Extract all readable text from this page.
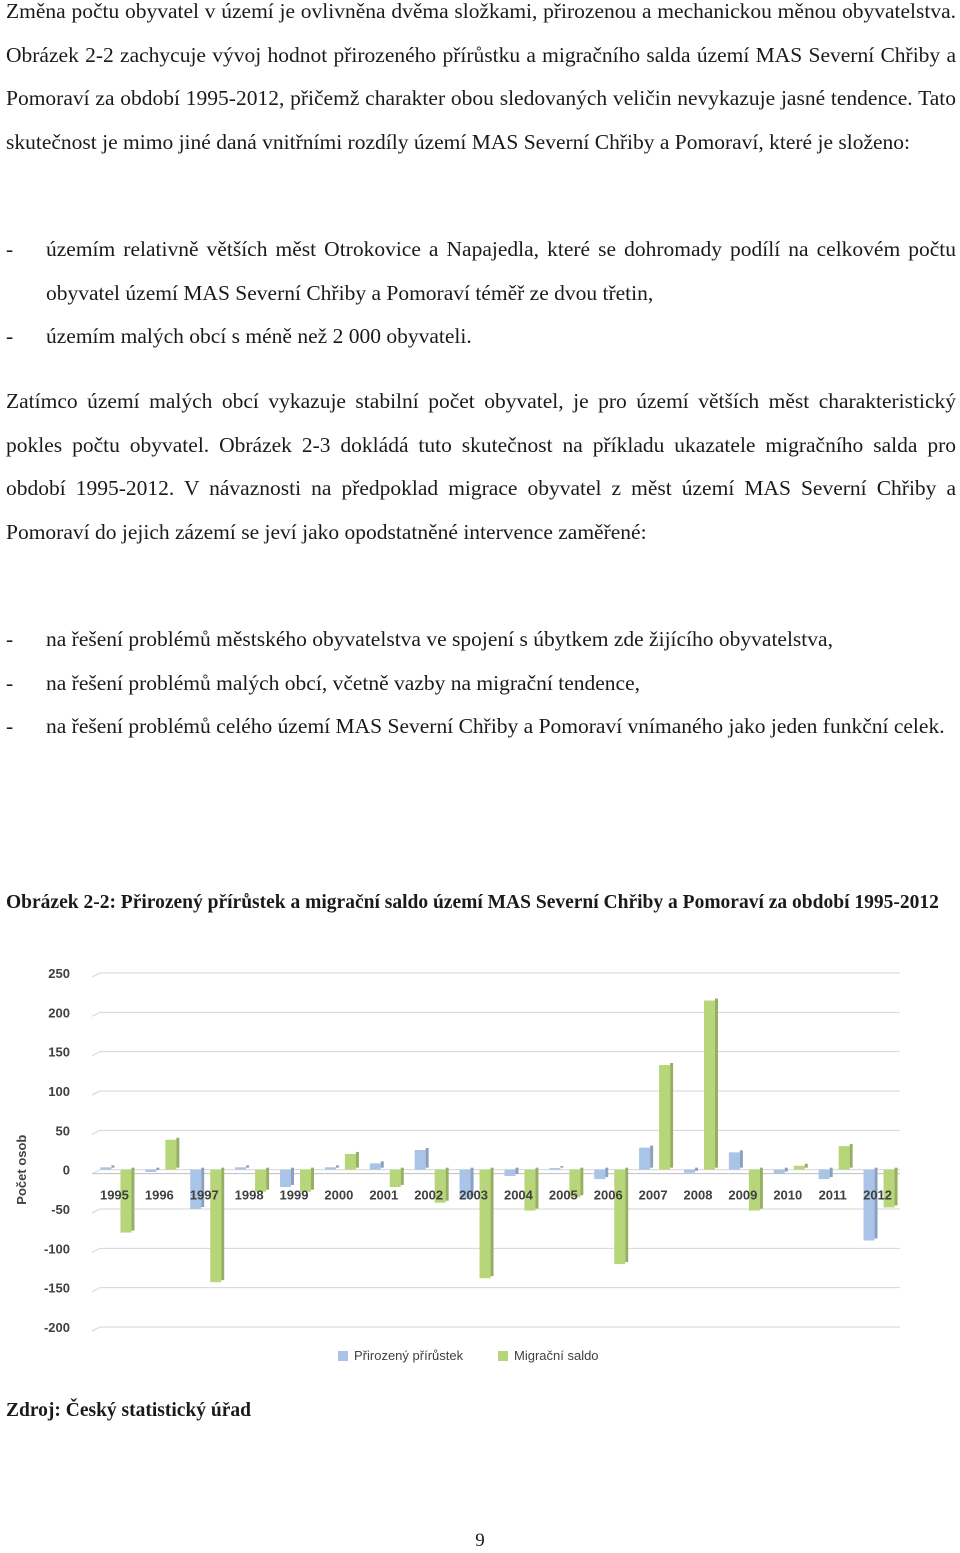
Změna počtu obyvatel v území je ovlivněna dvěma složkami, přirozenou a mechanickou měnou obyvatelstva. Obrázek 2-2 zachycuje vývoj hodnot přirozeného přírůstku a migračního salda území MAS Severní Chřiby a Pomoraví za období 1995-2012, přičemž charakter obou sledovaných veličin nevykazuje jasné tendence. Tato skutečnost je mimo jiné daná vnitřními rozdíly území MAS Severní Chřiby a Pomoraví, které je složeno:

- územím relativně větších měst Otrokovice a Napajedla, které se dohromady podílí na celkovém počtu obyvatel území MAS Severní Chřiby a Pomoraví téměř ze dvou třetin,
- územím malých obcí s méně než 2 000 obyvateli.

Zatímco území malých obcí vykazuje stabilní počet obyvatel, je pro území větších měst charakteristický pokles počtu obyvatel. Obrázek 2-3 dokládá tuto skutečnost na příkladu ukazatele migračního salda pro období 1995-2012. V návaznosti na předpoklad migrace obyvatel z měst území MAS Severní Chřiby a Pomoraví do jejich zázemí se jeví jako opodstatněné intervence zaměřené:

- na řešení problémů městského obyvatelstva ve spojení s úbytkem zde žijícího obyvatelstva,
- na řešení problémů malých obcí, včetně vazby na migrační tendence,
- na řešení problémů celého území MAS Severní Chřiby a Pomoraví vnímaného jako jeden funkční celek.

Obrázek 2-2: Přirozený přírůstek a migrační saldo území MAS Severní Chřiby a Pomoraví za období 1995-2012

250
200
150
100
50
0
-50
-100
-150
-200
Počet osob	1995 1996 1997 1998 1999 2000 2001 2002 2003 2004 2005 2006 2007 2008 2009 2010 2011 2012
Přirozený přírůstek	Migrační saldo

Zdroj: Český statistický úřad

9
